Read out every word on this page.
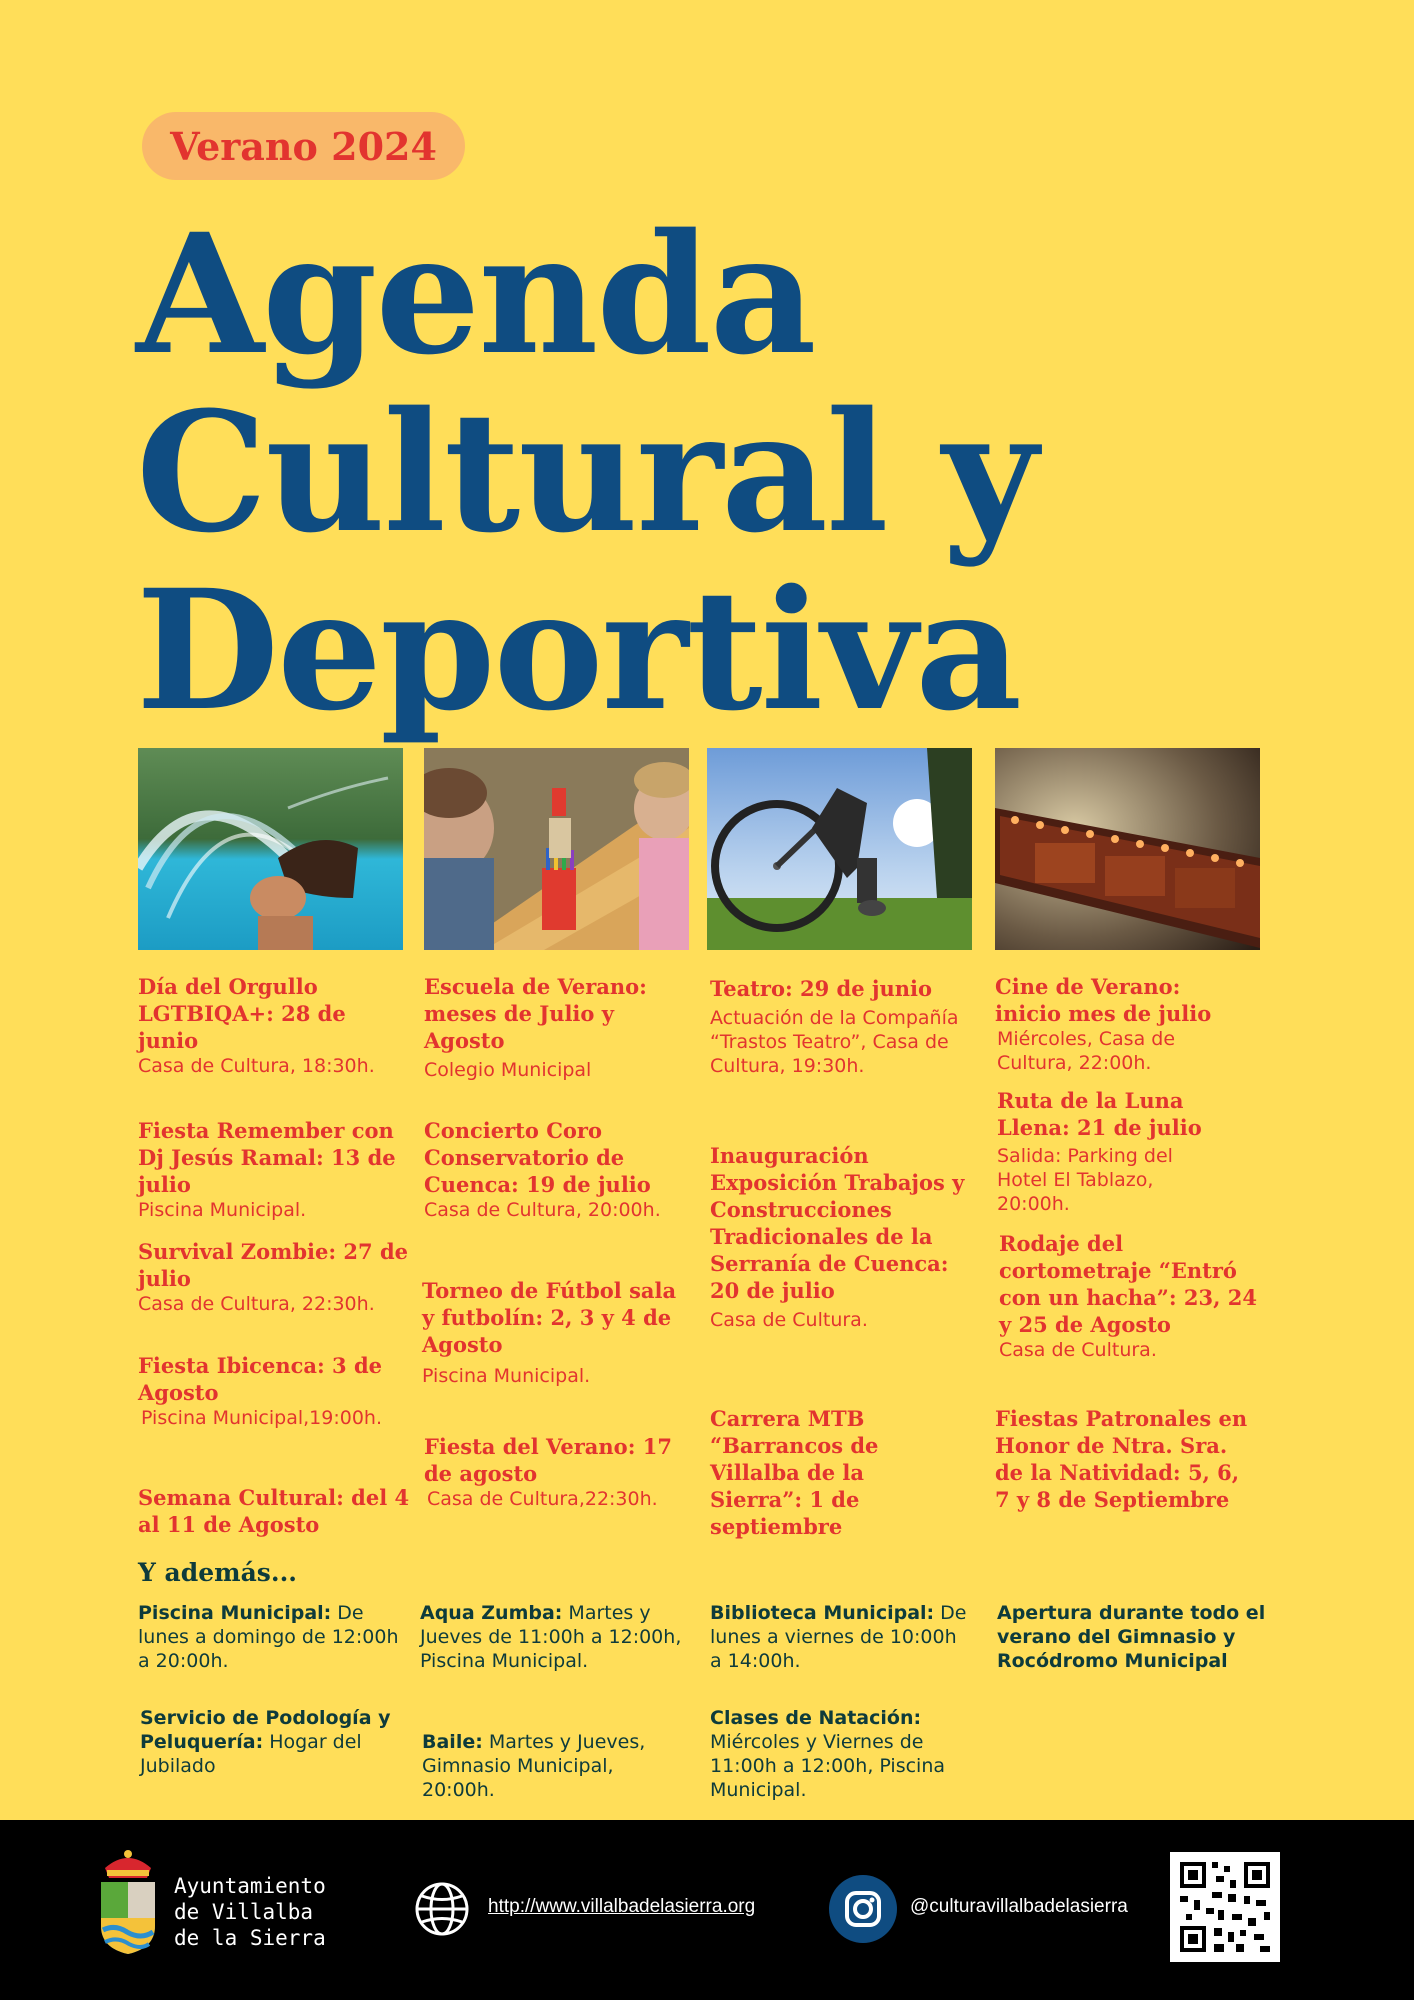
Verano 2024
Agenda
Cultural y
Deportiva
Día del Orgullo LGTBIQA+: 28 de junio
Casa de Cultura, 18:30h.
Fiesta Remember con Dj Jesús Ramal: 13 de julio
Piscina Municipal.
Survival Zombie: 27 de julio
Casa de Cultura, 22:30h.
Fiesta Ibicenca: 3 de Agosto
Piscina Municipal,19:00h.
Semana Cultural: del 4 al 11 de Agosto
Escuela de Verano: meses de Julio y Agosto
Colegio Municipal
Concierto Coro Conservatorio de Cuenca: 19 de julio
Casa de Cultura, 20:00h.
Torneo de Fútbol sala y futbolín: 2, 3 y 4 de Agosto
Piscina Municipal.
Fiesta del Verano: 17 de agosto
Casa de Cultura,22:30h.
Teatro: 29 de junio
Actuación de la Compañía “Trastos Teatro”, Casa de Cultura, 19:30h.
Inauguración Exposición Trabajos y Construcciones Tradicionales de la Serranía de Cuenca: 20 de julio
Casa de Cultura.
Carrera MTB “Barrancos de Villalba de la Sierra”: 1 de septiembre
Cine de Verano: inicio mes de julio
Miércoles, Casa de Cultura, 22:00h.
Ruta de la Luna Llena: 21 de julio
Salida: Parking del Hotel El Tablazo, 20:00h.
Rodaje del cortometraje “Entró con un hacha”: 23, 24 y 25 de Agosto
Casa de Cultura.
Fiestas Patronales en Honor de Ntra. Sra. de la Natividad: 5, 6, 7 y 8 de Septiembre
Y además...
Piscina Municipal: De lunes a domingo de 12:00h a 20:00h.
Servicio de Podología y Peluquería: Hogar del Jubilado
Aqua Zumba: Martes y Jueves de 11:00h a 12:00h, Piscina Municipal.
Baile: Martes y Jueves, Gimnasio Municipal, 20:00h.
Biblioteca Municipal: De lunes a viernes de 10:00h a 14:00h.
Clases de Natación: Miércoles y Viernes de 11:00h a 12:00h, Piscina Municipal.
Apertura durante todo el verano del Gimnasio y Rocódromo Municipal
Ayuntamiento
de Villalba
de la Sierra
http://www.villalbadelasierra.org	@culturavillalbadelasierra
